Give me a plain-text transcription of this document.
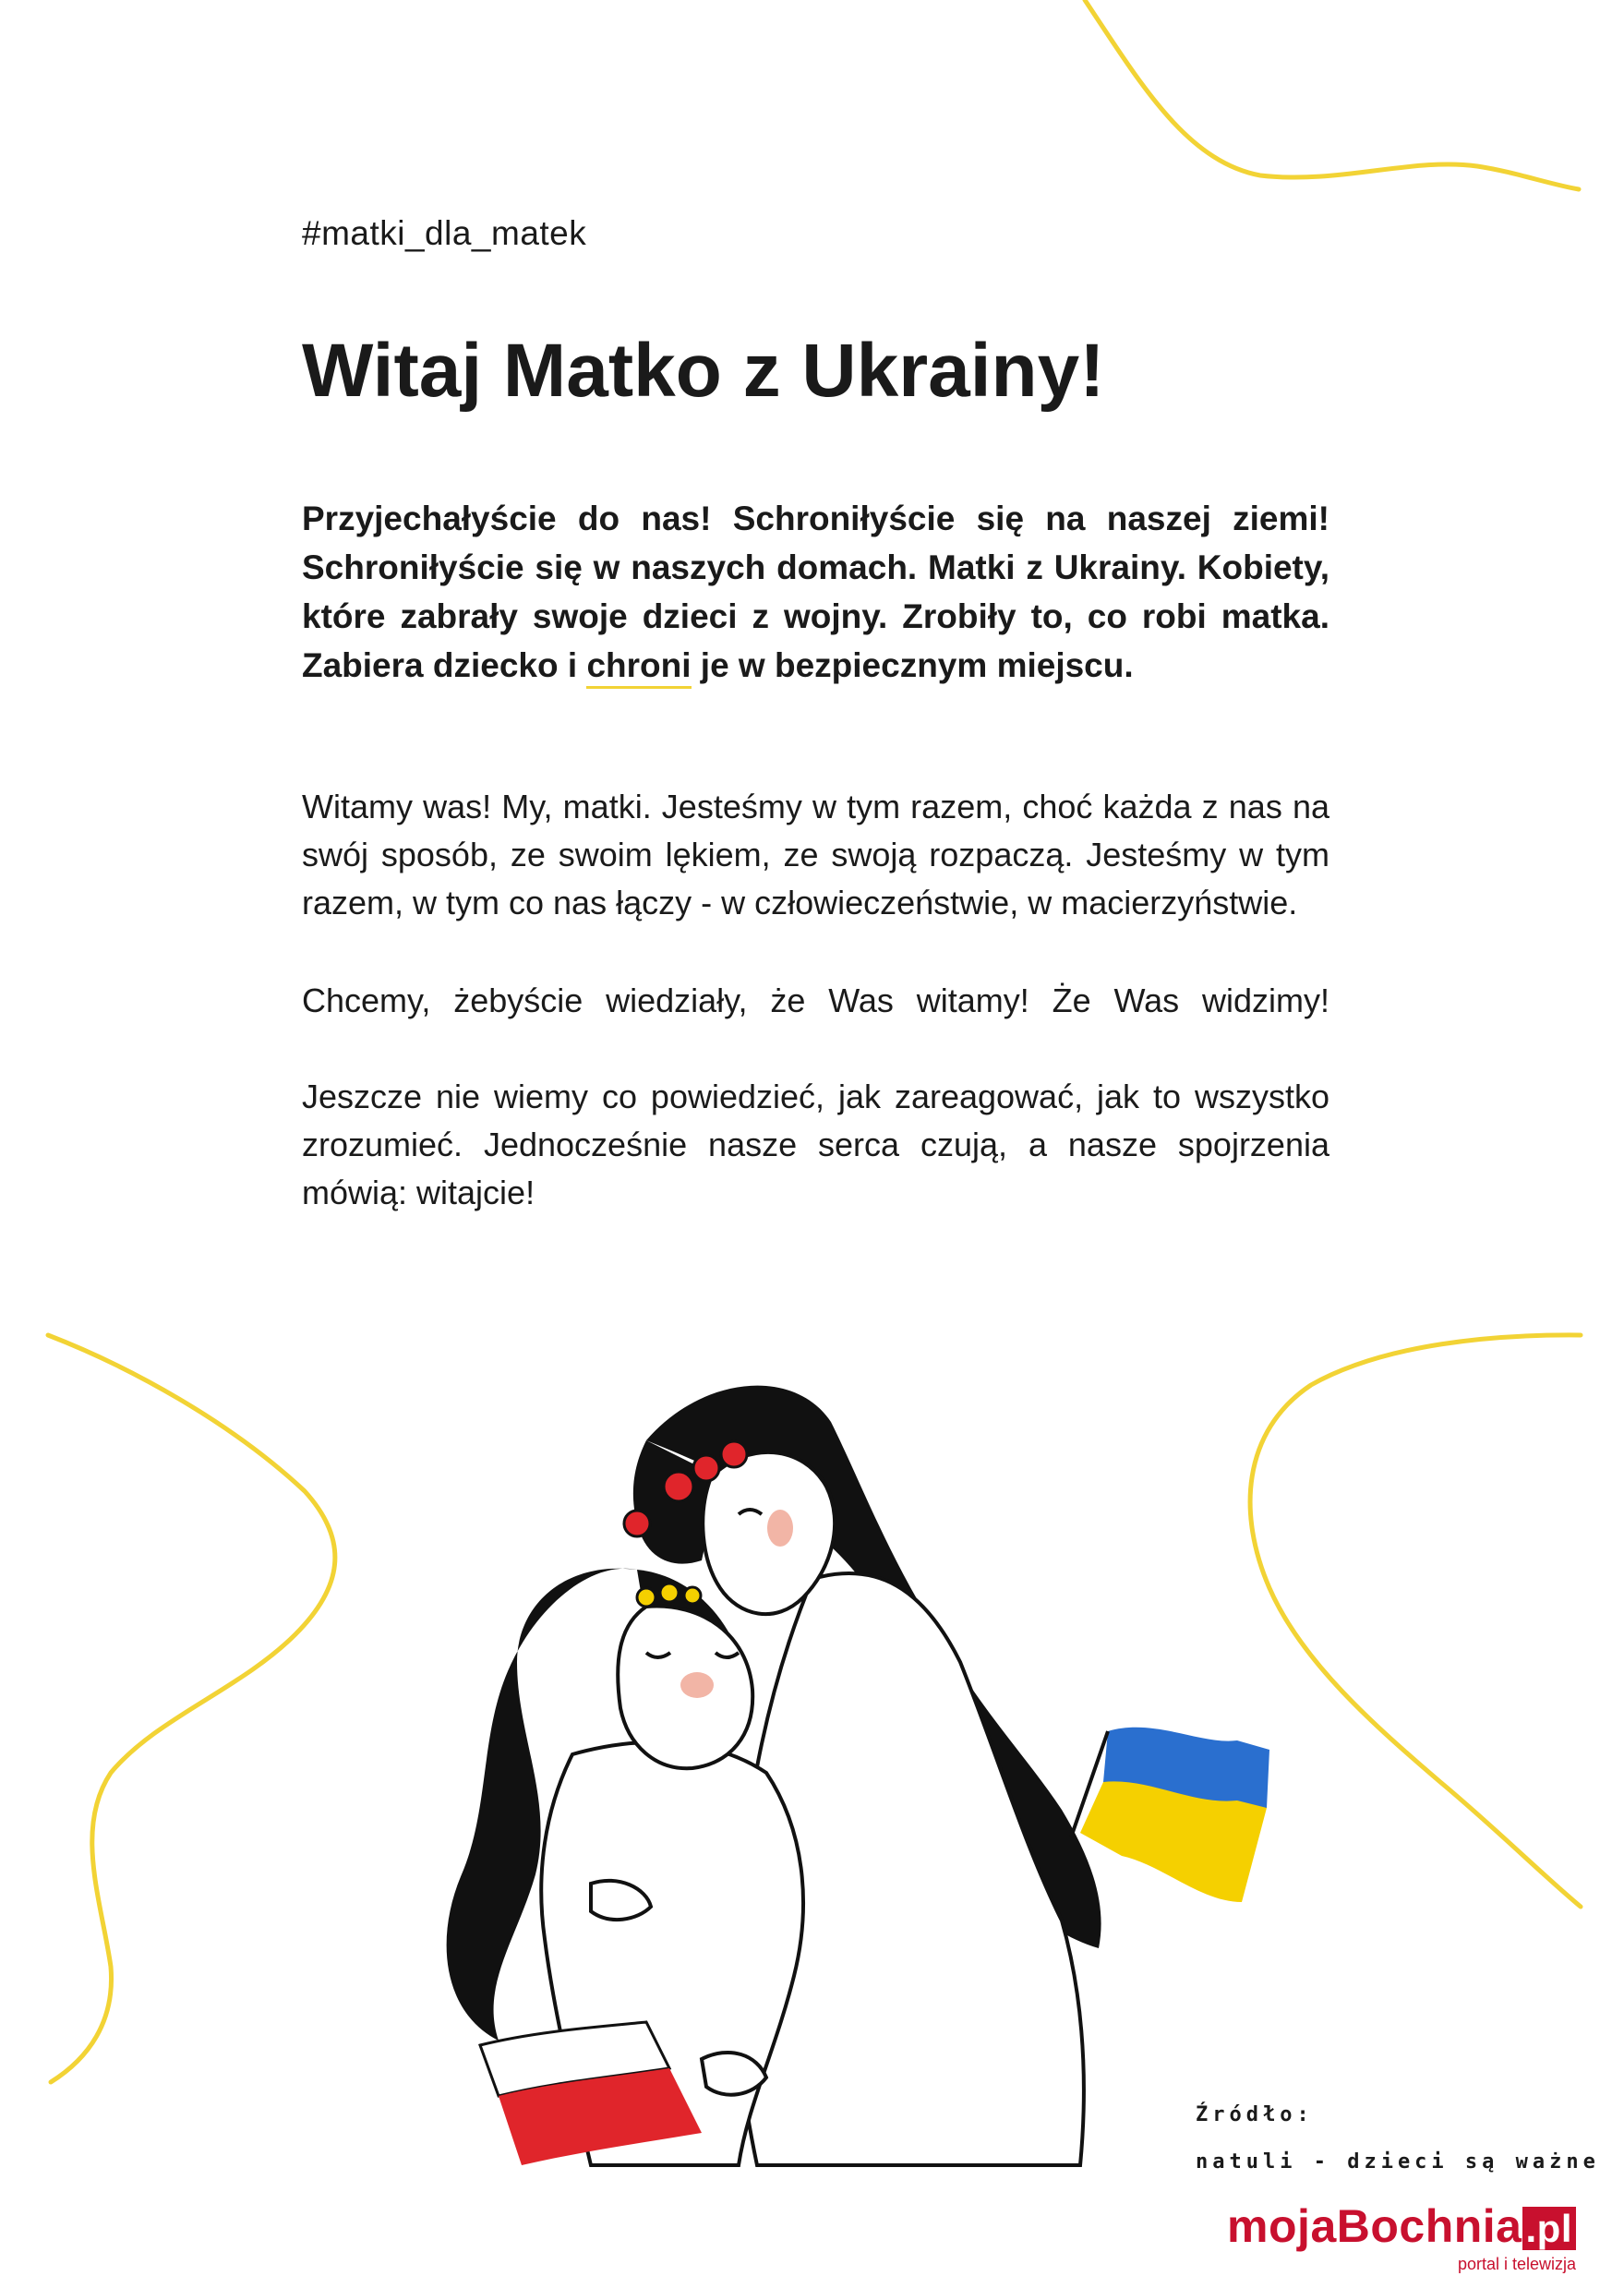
#matki_dla_matek
Witaj Matko z Ukrainy!

Przyjechałyście do nas! Schroniłyście się na naszej ziemi! Schroniłyście się w naszych domach. Matki z Ukrainy. Kobiety, które zabrały swoje dzieci z wojny. Zrobiły to, co robi matka. Zabiera dziecko i chroni je w bezpiecznym miejscu.

Witamy was! My, matki. Jesteśmy w tym razem, choć każda z nas na swój sposób, ze swoim lękiem, ze swoją rozpaczą. Jesteśmy w tym razem, w tym co nas łączy - w człowieczeństwie, w macierzyństwie.

Chcemy, żebyście wiedziały, że Was witamy! Że Was widzimy!

Jeszcze nie wiemy co powiedzieć, jak zareagować, jak to wszystko zrozumieć. Jednocześnie nasze serca czują, a nasze spojrzenia mówią: witajcie!

Źródło:
natuli - dzieci są ważne
mojaBochnia.pl
portal i telewizja
